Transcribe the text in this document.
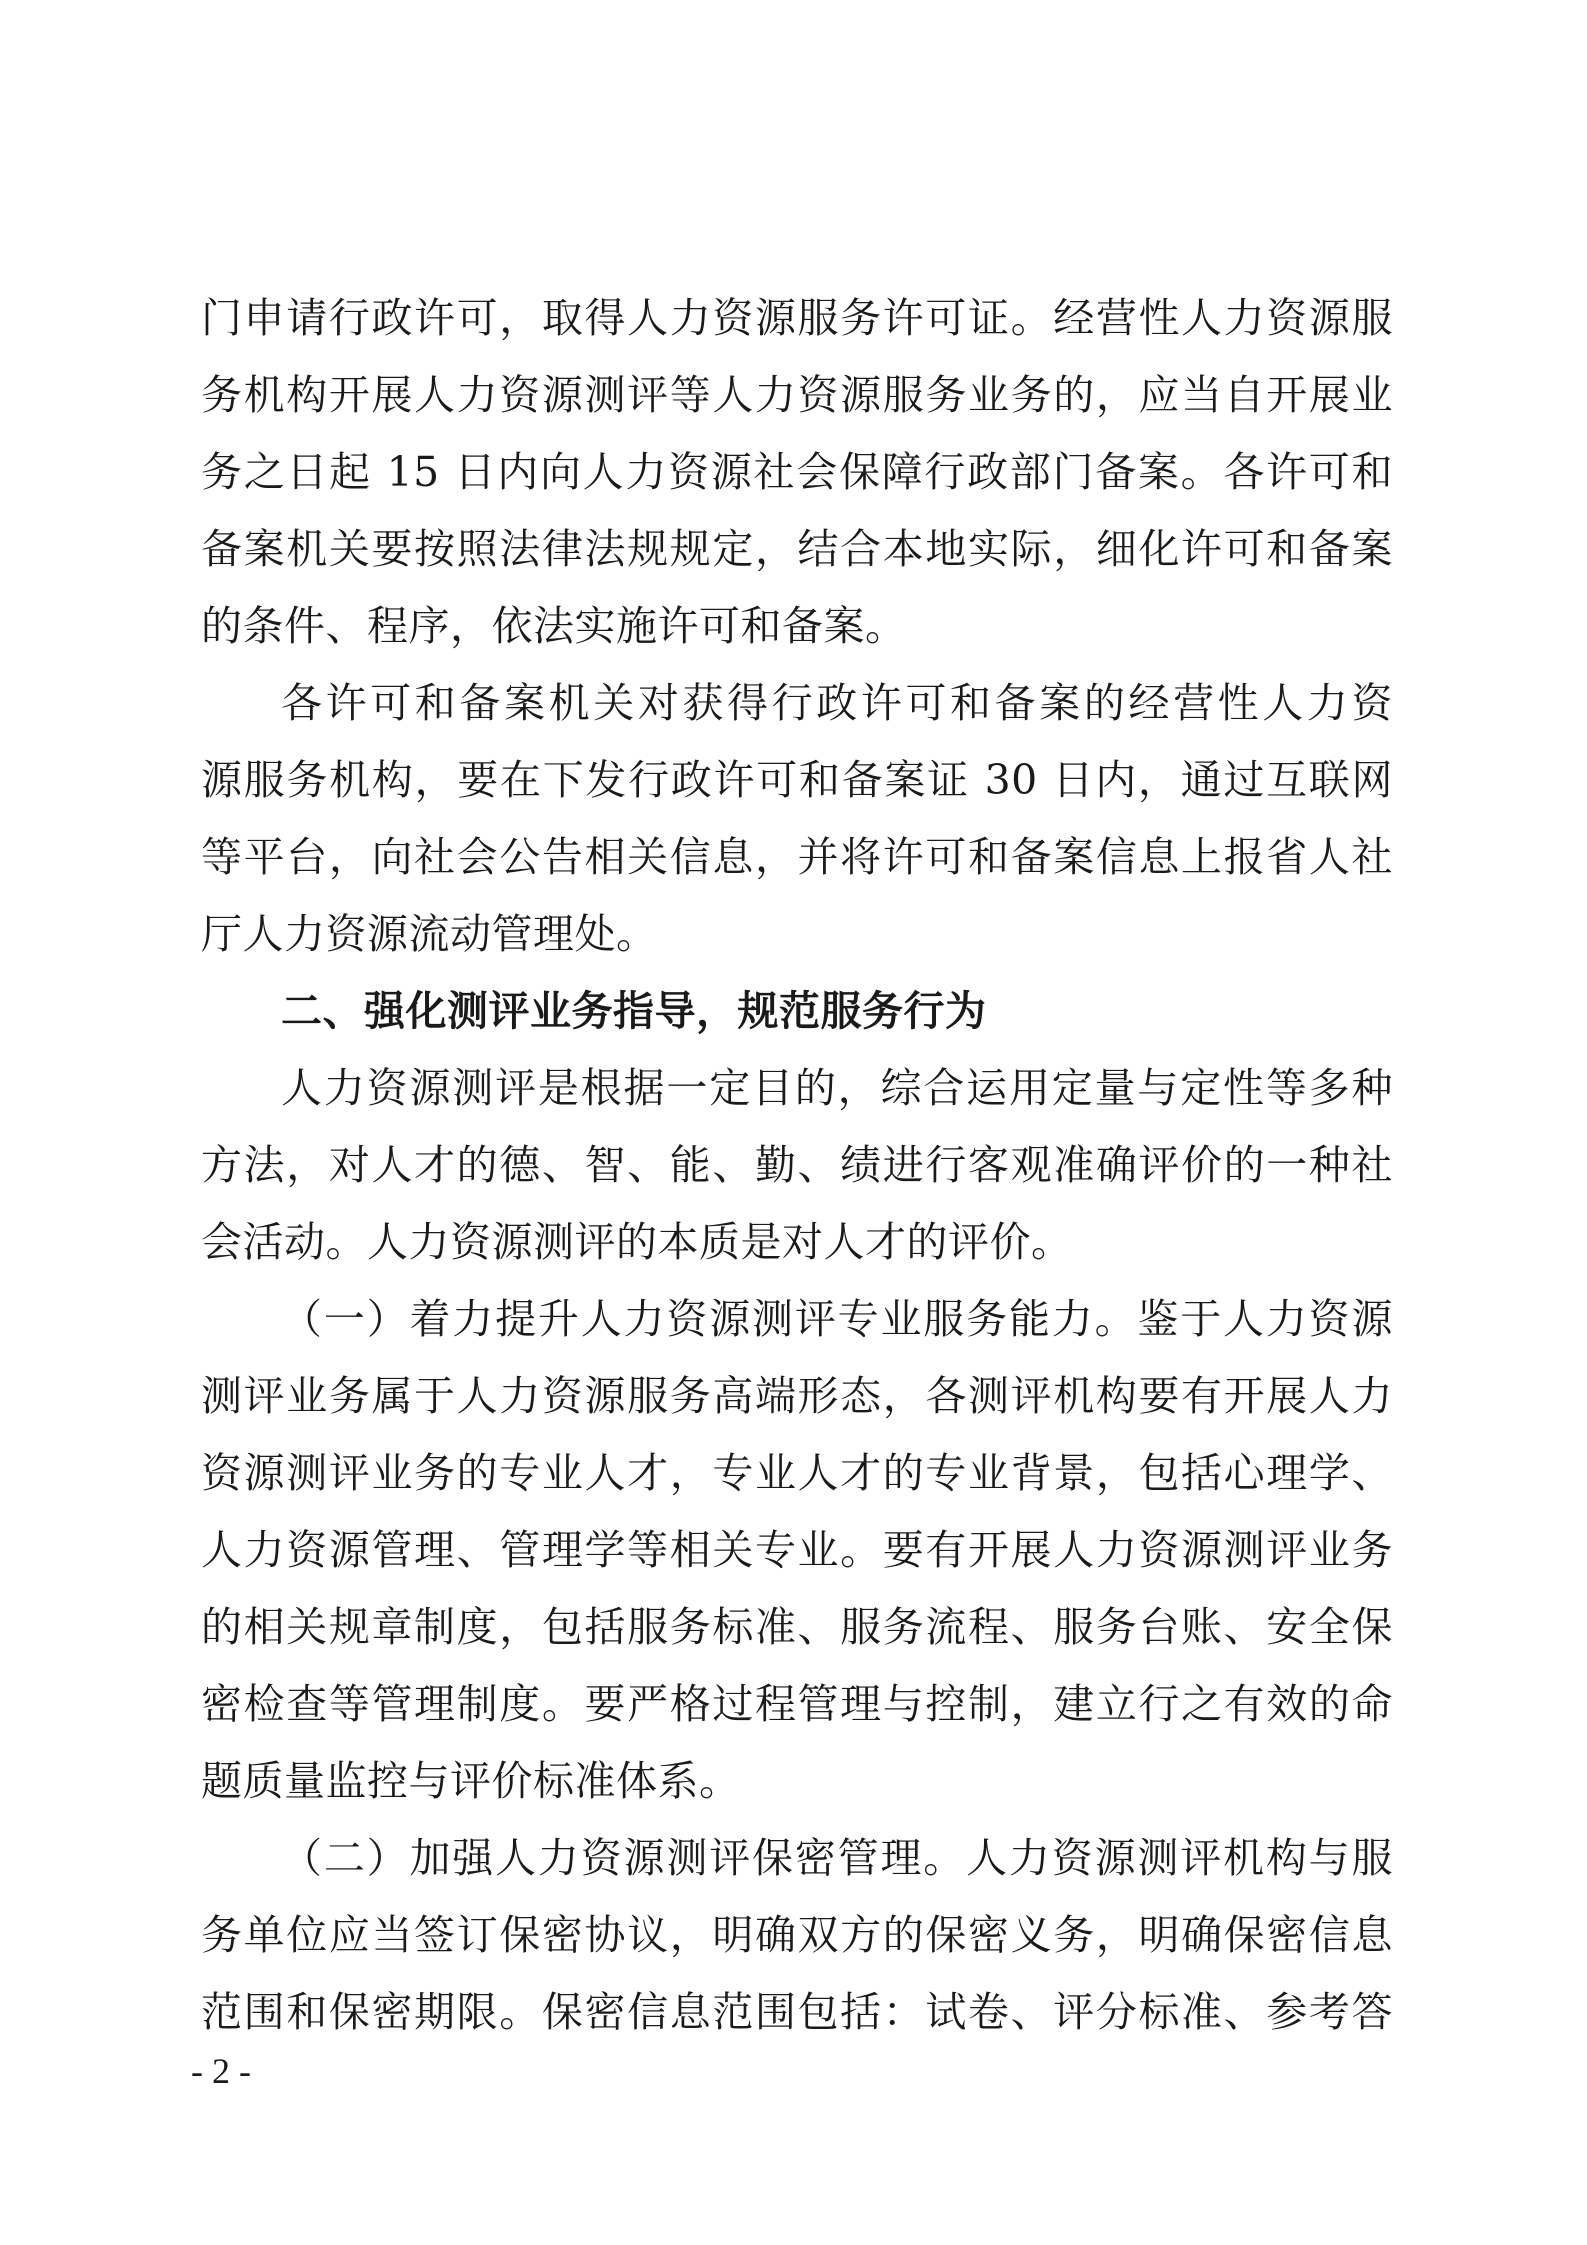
门申请行政许可，取得人力资源服务许可证。经营性人力资源服
务机构开展人力资源测评等人力资源服务业务的，应当自开展业
务之日起 15 日内向人力资源社会保障行政部门备案。各许可和
备案机关要按照法律法规规定，结合本地实际，细化许可和备案
的条件、程序，依法实施许可和备案。
各许可和备案机关对获得行政许可和备案的经营性人力资
源服务机构，要在下发行政许可和备案证 30 日内，通过互联网
等平台，向社会公告相关信息，并将许可和备案信息上报省人社
厅人力资源流动管理处。
二、强化测评业务指导，规范服务行为
人力资源测评是根据一定目的，综合运用定量与定性等多种
方法，对人才的德、智、能、勤、绩进行客观准确评价的一种社
会活动。人力资源测评的本质是对人才的评价。
（一）着力提升人力资源测评专业服务能力。鉴于人力资源
测评业务属于人力资源服务高端形态，各测评机构要有开展人力
资源测评业务的专业人才，专业人才的专业背景，包括心理学、
人力资源管理、管理学等相关专业。要有开展人力资源测评业务
的相关规章制度，包括服务标准、服务流程、服务台账、安全保
密检查等管理制度。要严格过程管理与控制，建立行之有效的命
题质量监控与评价标准体系。
（二）加强人力资源测评保密管理。人力资源测评机构与服
务单位应当签订保密协议，明确双方的保密义务，明确保密信息
范围和保密期限。保密信息范围包括：试卷、评分标准、参考答
- 2 -
